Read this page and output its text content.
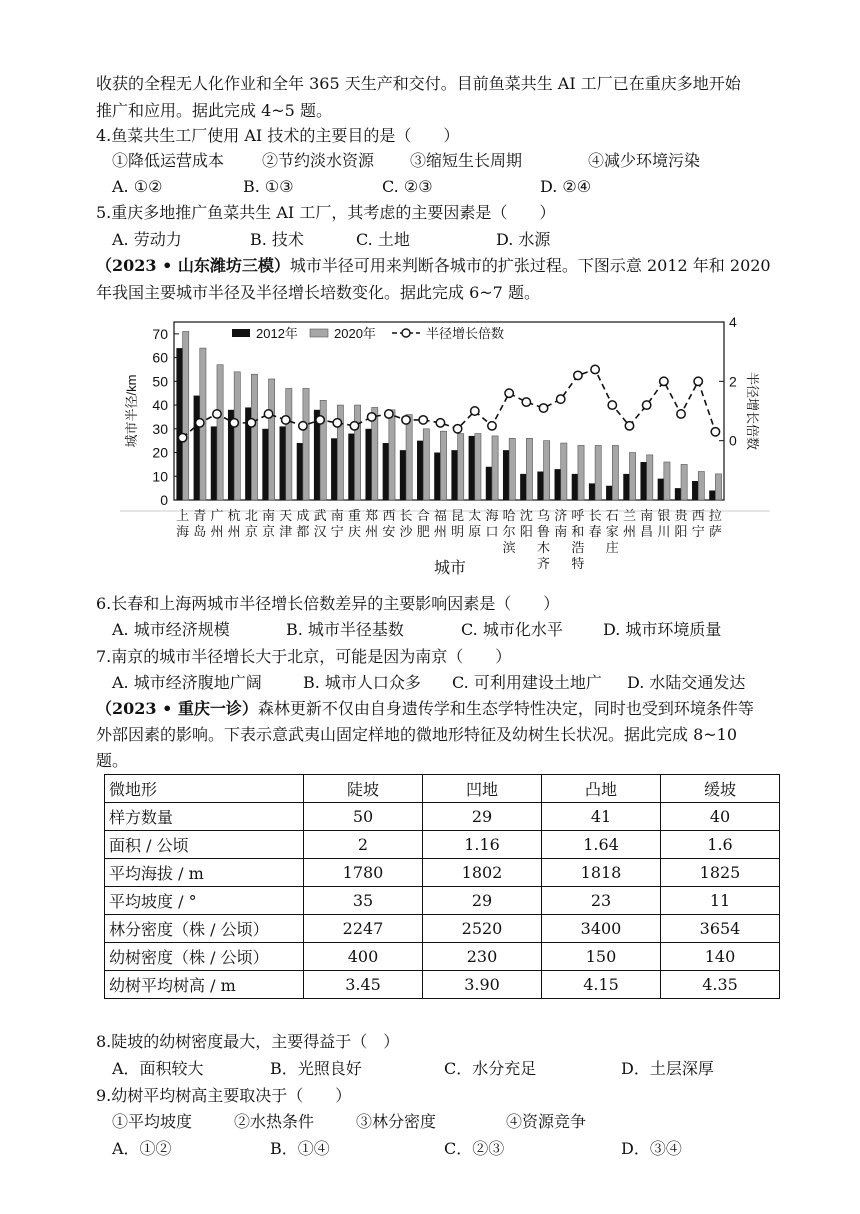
收获的全程无人化作业和全年 365 天生产和交付。目前鱼菜共生 AI 工厂已在重庆多地开始
推广和应用。据此完成 4~5 题。
4.鱼菜共生工厂使用 AI 技术的主要目的是（　　）
①降低运营成本 ②节约淡水资源 ③缩短生长周期	④减少环境污染
A. ①②	B. ①③	C. ②③	D. ②④
5.重庆多地推广鱼菜共生 AI 工厂，其考虑的主要因素是（　　）
A. 劳动力	B. 技术	C. 土地	D. 水源
（2023 • 山东潍坊三模）城市半径可用来判断各城市的扩张过程。下图示意 2012 年和 2020
年我国主要城市半径及半径增长培数变化。据此完成 6~7 题。
0
10
20
30
40
50
60
70
0
2
4
城市半径/km	半径增长倍数
上海
青岛
广州
杭州
北京
南京
天津
成都
武汉
南宁
重庆
郑州
西安
长沙
合肥
福州
昆明
太原
海口
哈尔滨
沈阳
乌鲁木齐
济南
呼和浩特
长春
石家庄
兰州
南昌
银川
贵阳
西宁
拉萨
城市
2012年	2020年	半径增长倍数
6.长春和上海两城市半径增长倍数差异的主要影响因素是（　　）
A. 城市经济规模	B. 城市半径基数	C. 城市化水平	D. 城市环境质量
7.南京的城市半径增长大于北京，可能是因为南京（　　）
A. 城市经济腹地广阔	B. 城市人口众多 C. 可利用建设土地广 D. 水陆交通发达
（2023 • 重庆一诊）森林更新不仅由自身遗传学和生态学特性决定，同时也受到环境条件等
外部因素的影响。下表示意武夷山固定样地的微地形特征及幼树生长状况。据此完成 8~10
题。
微地形	陡坡	凹地	凸地	缓坡
样方数量	50	29	41	40
面积 / 公顷	2	1.16	1.64	1.6
平均海拔 / m	1780	1802	1818	1825
平均坡度 / °	35	29	23	11
林分密度（株 / 公顷）	2247	2520	3400	3654
幼树密度（株 / 公顷）	400	230	150	140
幼树平均树高 / m	3.45	3.90	4.15	4.35
8.陡坡的幼树密度最大，主要得益于（　）
A．面积较大	B．光照良好	C．水分充足	D．土层深厚
9.幼树平均树高主要取决于（　　）
①平均坡度	②水热条件	③林分密度	④资源竞争
A．①②	B．①④	C．②③	D．③④
